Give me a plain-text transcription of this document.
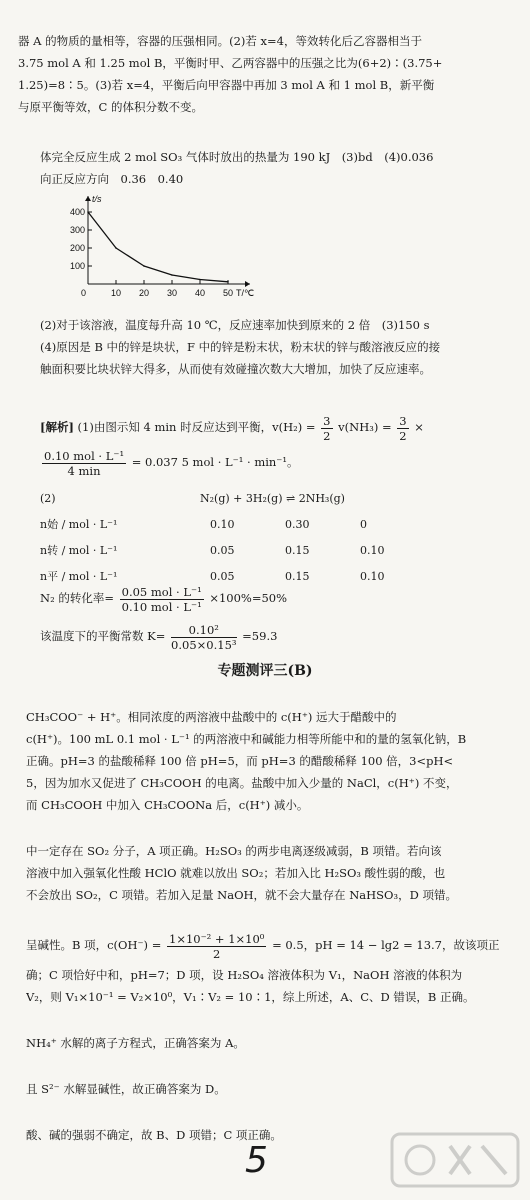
器 A 的物质的量相等，容器的压强相同。(2)若 x=4，等效转化后乙容器相当于
3.75 mol A 和 1.25 mol B，平衡时甲、乙两容器中的压强之比为(6+2)∶(3.75+
1.25)=8∶5。(3)若 x=4，平衡后向甲容器中再加 3 mol A 和 1 mol B，新平衡
与原平衡等效，C 的体积分数不变。
体完全反应生成 2 mol SO₃ 气体时放出的热量为 190 kJ　(3)bd　(4)0.036
向正反应方向　0.36　0.40
100
200
300
400
0	10 20 30 40 50
t/s
T/℃
(2)对于该溶液，温度每升高 10 ℃，反应速率加快到原来的 2 倍　(3)150 s
(4)原因是 B 中的锌是块状，F 中的锌是粉末状，粉末状的锌与酸溶液反应的接
触面积要比块状锌大得多，从而使有效碰撞次数大大增加，加快了反应速率。
[解析] (1)由图示知 4 min 时反应达到平衡，$v(H_2) = \frac{3}{2} v(NH_3) = \frac{3}{2}$ ×
$\frac{\text{0.10 mol · L⁻¹}}{4 \min} = 0.037$ 5 mol · L⁻¹ · min⁻¹。
(2)	N₂(g) + 3H₂(g) ⇌ 2NH₃(g)
n始 / mol · L⁻¹	0.10	0.30	0
n转 / mol · L⁻¹	0.05	0.15	0.10
n平 / mol · L⁻¹	0.05	0.15	0.10
N₂ 的转化率= $\frac{\text{0.05 mol · L⁻¹}}{\text{0.10 mol · L⁻¹}} \times 100\%=50\%$
该温度下的平衡常数 $K= \frac{\text{0.10²}}{\text{0.05×0.15³}} =59.3$
专题测评三(B)
CH₃COO⁻ + H⁺。相同浓度的两溶液中盐酸中的 c(H⁺) 远大于醋酸中的
c(H⁺)。100 mL 0.1 mol · L⁻¹ 的两溶液中和碱能力相等所能中和的量的氢氧化钠，B
正确。pH=3 的盐酸稀释 100 倍 pH=5，而 pH=3 的醋酸稀释 100 倍，3<pH<
5，因为加水又促进了 CH₃COOH 的电离。盐酸中加入少量的 NaCl，c(H⁺) 不变，
而 CH₃COOH 中加入 CH₃COONa 后，c(H⁺) 减小。
中一定存在 SO₂ 分子，A 项正确。H₂SO₃ 的两步电离逐级减弱，B 项错。若向该
溶液中加入强氧化性酸 HClO 就难以放出 SO₂；若加入比 H₂SO₃ 酸性弱的酸，也
不会放出 SO₂，C 项错。若加入足量 NaOH，就不会大量存在 NaHSO₃，D 项错。
呈碱性。B 项，$c(OH^-) = \frac{\text{1×10⁻² + 1×10⁰}}{2} = 0.5$，pH = 14 − lg2 = 13.7，故该项正
确；C 项恰好中和，pH=7；D 项，设 H₂SO₄ 溶液体积为 V₁，NaOH 溶液的体积为
V₂，则 V₁×10⁻¹ = V₂×10⁰，V₁∶V₂ = 10∶1，综上所述，A、C、D 错误，B 正确。
NH₄⁺ 水解的离子方程式，正确答案为 A。
且 S²⁻ 水解显碱性，故正确答案为 D。
酸、碱的强弱不确定，故 B、D 项错；C 项正确。
5
